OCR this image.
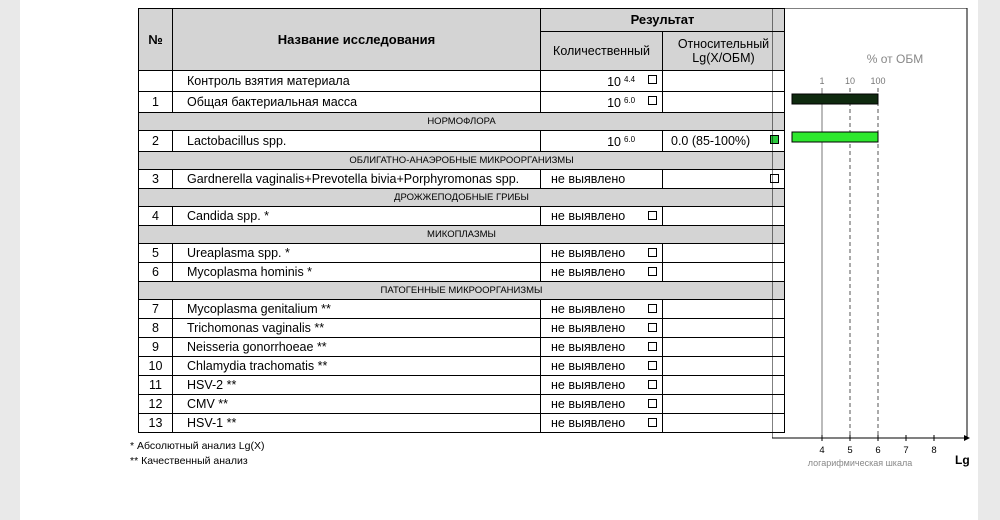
№	Название исследования	Результат	
		Количественный	Относительный Lg(X/ОБМ)
	Контроль взятия материала	10 $^{4.4}$

1	Общая бактериальная масса	10 $^{6.0}$

НОРМОФЛОРА			
2	Lactobacillus spp.	10 $^{6.0}$	0.0 (85-100%)

ОБЛИГАТНО-АНАЭРОБНЫЕ МИКРООРГАНИЗМЫ			
3	Gardnerella vaginalis+Prevotella bivia+Porphyromonas spp.	не выявлено	

ДРОЖЖЕПОДОБНЫЕ ГРИБЫ			
4	Candida spp. *	не выявлено

МИКОПЛАЗМЫ			
5	Ureaplasma spp. *	не выявлено

6	Mycoplasma hominis *	не выявлено

ПАТОГЕННЫЕ МИКРООРГАНИЗМЫ			
7	Mycoplasma genitalium **	не выявлено

8	Trichomonas vaginalis **	не выявлено

9	Neisseria gonorrhoeae **	не выявлено

10	Chlamydia trachomatis **	не выявлено

11	HSV-2 **	не выявлено

12	CMV **	не выявлено

13	HSV-1 **	не выявлено

* Абсолютный анализ Lg(X)
** Качественный анализ
% от ОБМ
1 10 100
4 5 6 7 8
логарифмическая шкала	Lg
